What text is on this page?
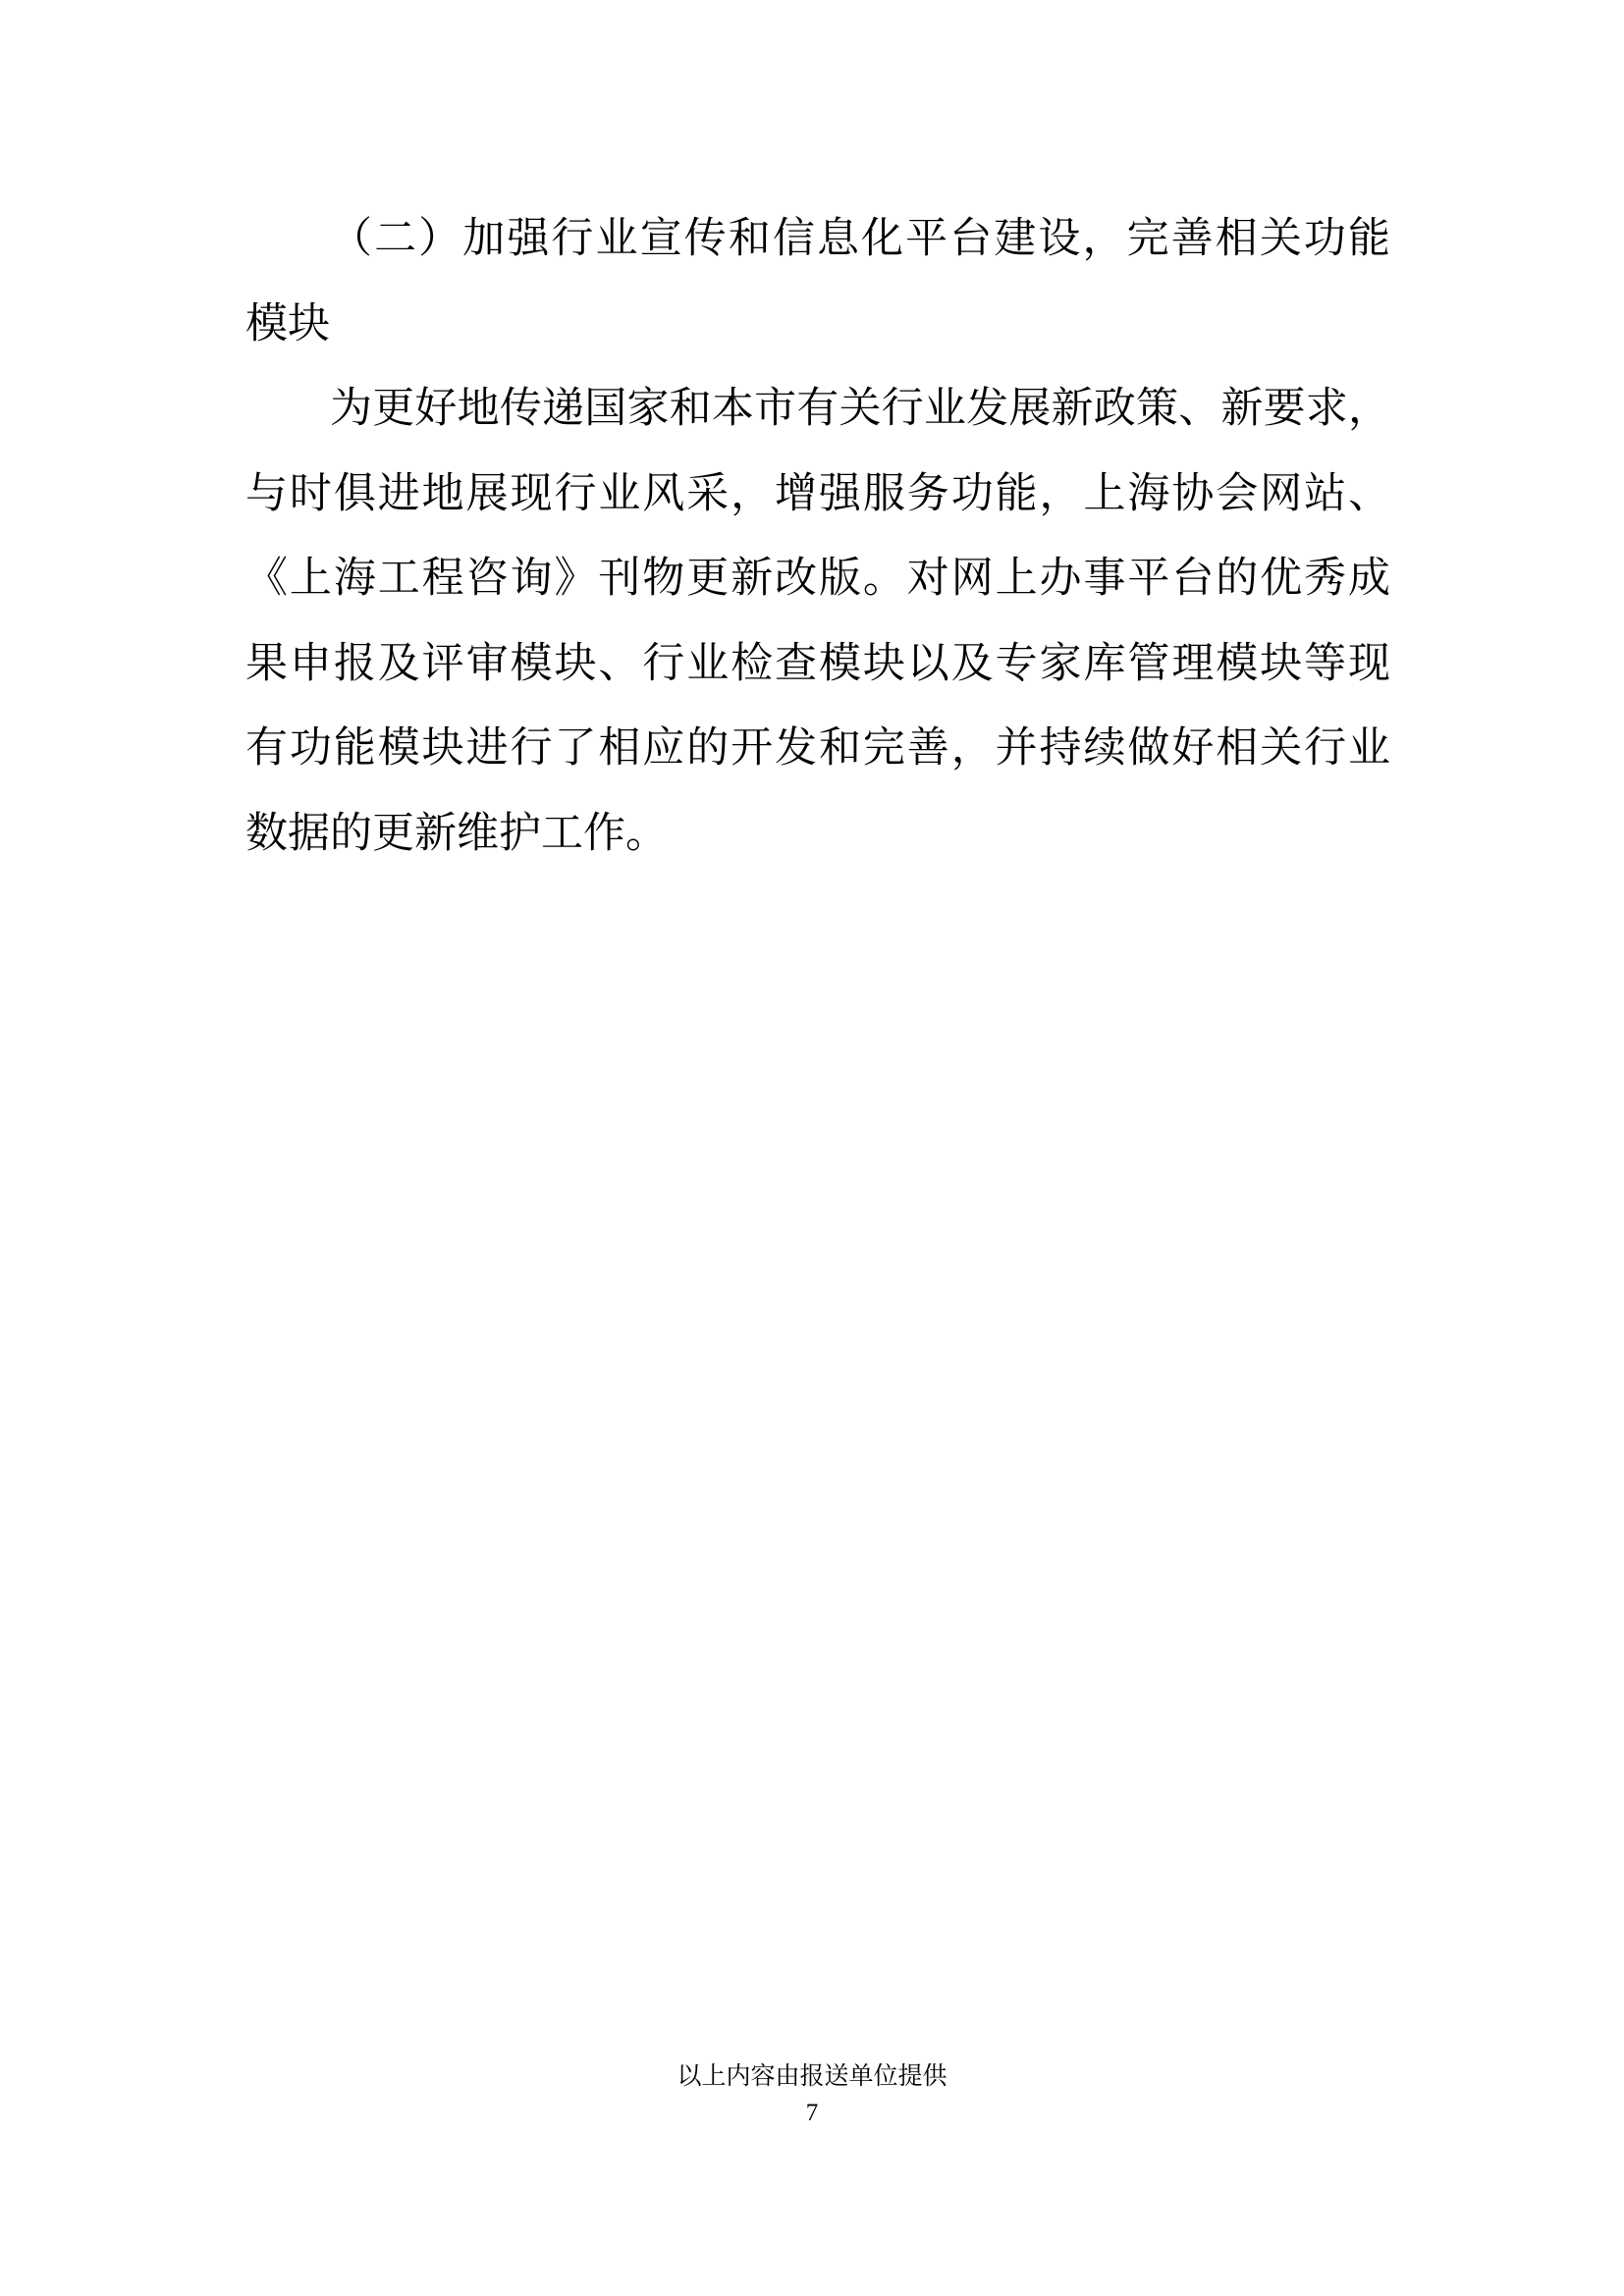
（二）加强行业宣传和信息化平台建设，完善相关功能
模块
为更好地传递国家和本市有关行业发展新政策、新要求，
与时俱进地展现行业风采，增强服务功能，上海协会网站、
《上海工程咨询》刊物更新改版。对网上办事平台的优秀成
果申报及评审模块、行业检查模块以及专家库管理模块等现
有功能模块进行了相应的开发和完善，并持续做好相关行业
数据的更新维护工作。
以上内容由报送单位提供
7
